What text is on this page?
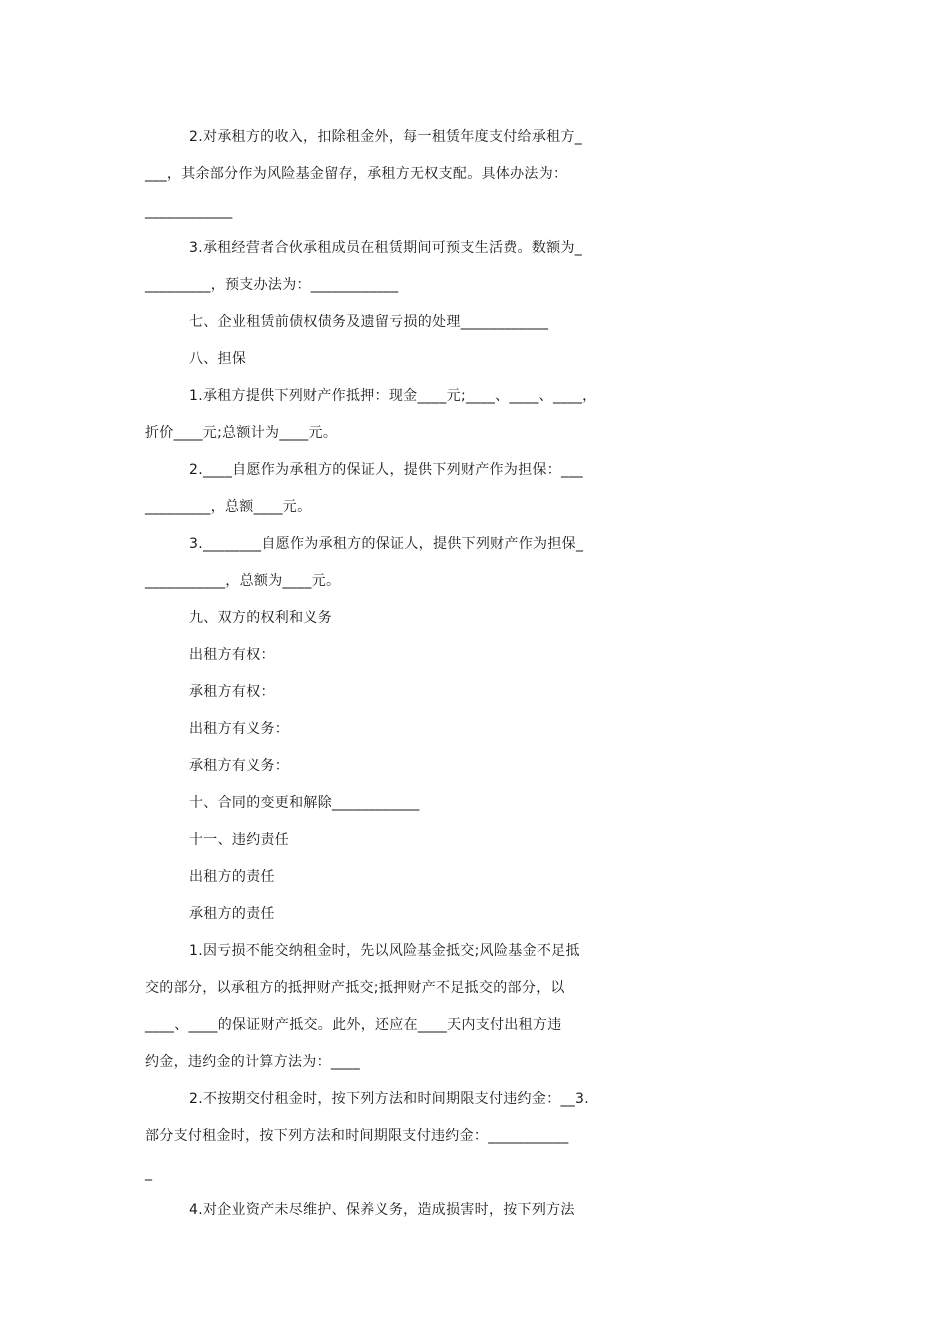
2.对承租方的收入，扣除租金外，每一租赁年度支付给承租方_
___，其余部分作为风险基金留存，承租方无权支配。具体办法为：
____________
3.承租经营者合伙承租成员在租赁期间可预支生活费。数额为_
_________，预支办法为：____________
七、企业租赁前债权债务及遗留亏损的处理____________
八、担保
1.承租方提供下列财产作抵押：现金____元;____、____、____，
折价____元;总额计为____元。
2.____自愿作为承租方的保证人，提供下列财产作为担保：___
_________，总额____元。
3.________自愿作为承租方的保证人，提供下列财产作为担保_
___________，总额为____元。
九、双方的权利和义务
出租方有权：
承租方有权：
出租方有义务：
承租方有义务：
十、合同的变更和解除____________
十一、违约责任
出租方的责任
承租方的责任
1.因亏损不能交纳租金时，先以风险基金抵交;风险基金不足抵
交的部分，以承租方的抵押财产抵交;抵押财产不足抵交的部分，以
____、____的保证财产抵交。此外，还应在____天内支付出租方违
约金，违约金的计算方法为：____
2.不按期交付租金时，按下列方法和时间期限支付违约金：__3.
部分支付租金时，按下列方法和时间期限支付违约金：___________
_
4.对企业资产未尽维护、保养义务，造成损害时，按下列方法
